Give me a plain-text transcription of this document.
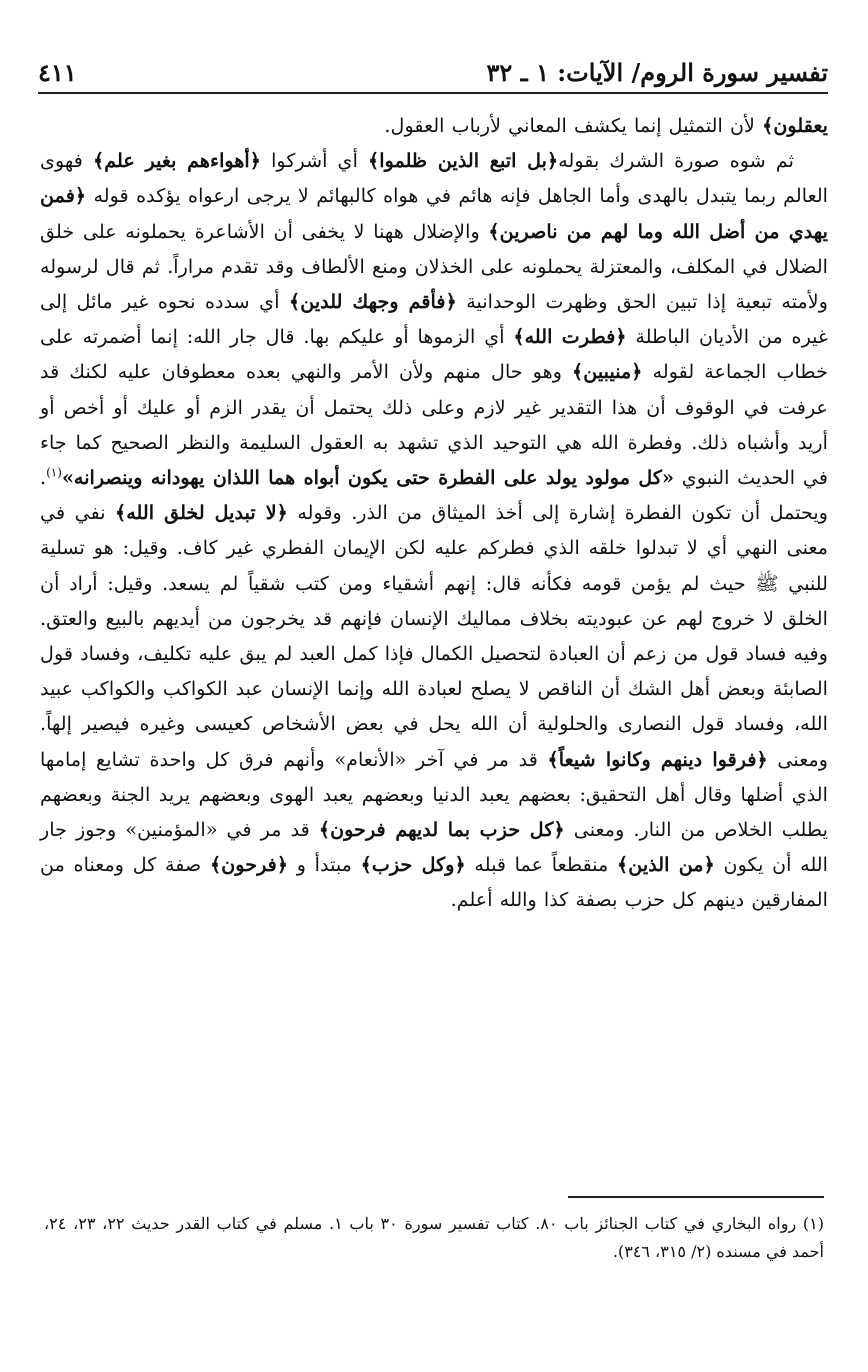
تفسير سورة الروم/ الآيات: ١ ـ ٣٢
٤١١

يعقلون﴾ لأن التمثيل إنما يكشف المعاني لأرباب العقول.

ثم شوه صورة الشرك بقوله﴿بل اتبع الذين ظلموا﴾ أي أشركوا ﴿أهواءهم بغير علم﴾ فهوى العالم ربما يتبدل بالهدى وأما الجاهل فإنه هائم في هواه كالبهائم لا يرجى ارعواه يؤكده قوله ﴿فمن يهدي من أضل الله وما لهم من ناصرين﴾ والإضلال ههنا لا يخفى أن الأشاعرة يحملونه على خلق الضلال في المكلف، والمعتزلة يحملونه على الخذلان ومنع الألطاف وقد تقدم مراراً. ثم قال لرسوله ولأمته تبعية إذا تبين الحق وظهرت الوحدانية ﴿فأقم وجهك للدين﴾ أي سدده نحوه غير مائل إلى غيره من الأديان الباطلة ﴿فطرت الله﴾ أي الزموها أو عليكم بها. قال جار الله: إنما أضمرته على خطاب الجماعة لقوله ﴿منيبين﴾ وهو حال منهم ولأن الأمر والنهي بعده معطوفان عليه لكنك قد عرفت في الوقوف أن هذا التقدير غير لازم وعلى ذلك يحتمل أن يقدر الزم أو عليك أو أخص أو أريد وأشباه ذلك. وفطرة الله هي التوحيد الذي تشهد به العقول السليمة والنظر الصحيح كما جاء في الحديث النبوي «كل مولود يولد على الفطرة حتى يكون أبواه هما اللذان يهودانه وينصرانه»$^{(١)}$. ويحتمل أن تكون الفطرة إشارة إلى أخذ الميثاق من الذر. وقوله ﴿لا تبديل لخلق الله﴾ نفي في معنى النهي أي لا تبدلوا خلقه الذي فطركم عليه لكن الإيمان الفطري غير كاف. وقيل: هو تسلية للنبي ﷺ حيث لم يؤمن قومه فكأنه قال: إنهم أشقياء ومن كتب شقياً لم يسعد. وقيل: أراد أن الخلق لا خروج لهم عن عبوديته بخلاف مماليك الإنسان فإنهم قد يخرجون من أيديهم بالبيع والعتق. وفيه فساد قول من زعم أن العبادة لتحصيل الكمال فإذا كمل العبد لم يبق عليه تكليف، وفساد قول الصابئة وبعض أهل الشك أن الناقص لا يصلح لعبادة الله وإنما الإنسان عبد الكواكب والكواكب عبيد الله، وفساد قول النصارى والحلولية أن الله يحل في بعض الأشخاص كعيسى وغيره فيصير إلهاً. ومعنى ﴿فرقوا دينهم وكانوا شيعاً﴾ قد مر في آخر «الأنعام» وأنهم فرق كل واحدة تشايع إمامها الذي أضلها وقال أهل التحقيق: بعضهم يعبد الدنيا وبعضهم يعبد الهوى وبعضهم يريد الجنة وبعضهم يطلب الخلاص من النار. ومعنى ﴿كل حزب بما لديهم فرحون﴾ قد مر في «المؤمنين» وجوز جار الله أن يكون ﴿من الذين﴾ منقطعاً عما قبله ﴿وكل حزب﴾ مبتدأ و ﴿فرحون﴾ صفة كل ومعناه من المفارقين دينهم كل حزب بصفة كذا والله أعلم.

(١) رواه البخاري في كتاب الجنائز باب ٨٠. كتاب تفسير سورة ٣٠ باب ١. مسلم في كتاب القدر حديث ٢٢، ٢٣، ٢٤، أحمد في مسنده (٢/ ٣١٥، ٣٤٦).
